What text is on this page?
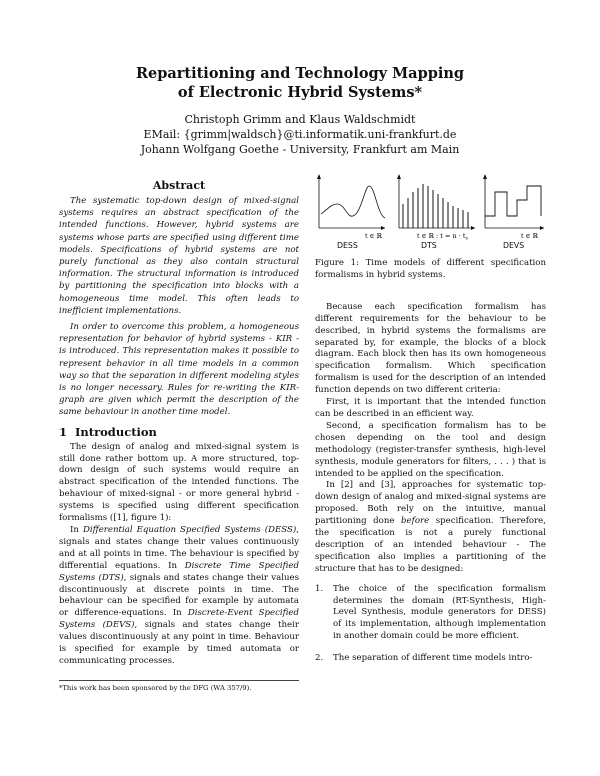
Repartitioning and Technology Mapping
of Electronic Hybrid Systems*
Christoph Grimm and Klaus Waldschmidt
EMail: {grimm|waldsch}@ti.informatik.uni-frankfurt.de
Johann Wolfgang Goethe - University, Frankfurt am Main
Abstract

The systematic top-down design of mixed-signal systems requires an abstract specification of the intended functions. However, hybrid systems are systems whose parts are specified using different time models. Specifications of hybrid systems are not purely functional as they also contain structural information. The structural information is introduced by partitioning the specification into blocks with a homogeneous time model. This often leads to inefficient implementations.

In order to overcome this problem, a homogeneous representation for behavior of hybrid systems - KIR - is introduced. This representation makes it possible to represent behavior in all time models in a common way so that the separation in different modeling styles is no longer necessary. Rules for re-writing the KIR-graph are given which permit the description of the same behaviour in another time model.

1 Introduction

The design of analog and mixed-signal system is still done rather bottom up. A more structured, top-down design of such systems would require an abstract specification of the intended functions. The behaviour of mixed-signal - or more general hybrid - systems is specified using different specification formalisms ([1], figure 1):

In Differential Equation Specified Systems (DESS), signals and states change their values continuously and at all points in time. The behaviour is specified by differential equations. In Discrete Time Specified Systems (DTS), signals and states change their values discontinuously at discrete points in time. The behaviour can be specified for example by automata or difference-equations. In Discrete-Event Specified Systems (DEVS), signals and states change their values discontinuously at any point in time. Behaviour is specified for example by timed automata or communicating processes.

*This work has been sponsored by the DFG (WA 357/9).
t ∈ ℝ	t ∈ ℝ : $t = n \cdot t_s$	t ∈ ℝ
DESS	DTS	DEVS
Figure 1: Time models of different specification formalisms in hybrid systems.

Because each specification formalism has different requirements for the behaviour to be described, in hybrid systems the formalisms are separated by, for example, the blocks of a block diagram. Each block then has its own homogeneous specification formalism. Which specification formalism is used for the description of an intended function depends on two different criteria:

First, it is important that the intended function can be described in an efficient way.

Second, a specification formalism has to be chosen depending on the tool and design methodology (register-transfer synthesis, high-level synthesis, module generators for filters, . . . ) that is intended to be applied on the specification.

In [2] and [3], approaches for systematic top-down design of analog and mixed-signal systems are proposed. Both rely on the intuitive, manual partitioning done before specification. Therefore, the specification is not a purely functional description of an intended behaviour - The specification also implies a partitioning of the structure that has to be designed:

1. The choice of the specification formalism determines the domain (RT-Synthesis, High-Level Synthesis, module generators for DESS) of its implementation, although implementation in another domain could be more efficient.
2. The separation of different time models intro-
